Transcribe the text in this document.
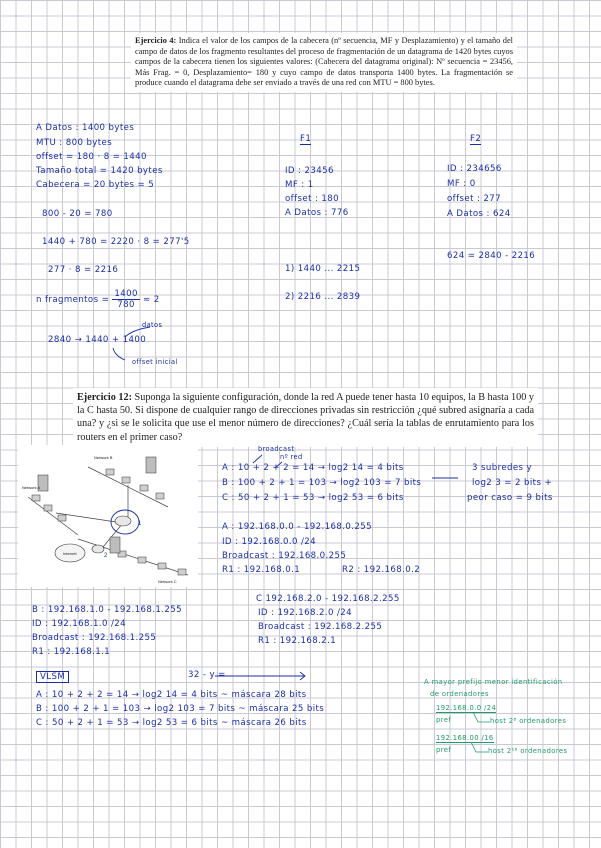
Ejercicio 4: Indica el valor de los campos de la cabecera (nº secuencia, MF y Desplazamiento) y el tamaño del campo de datos de los fragmento resultantes del proceso de fragmentación de un datagrama de 1420 bytes cuyos campos de la cabecera tienen los siguientes valores: (Cabecera del datagrama original): Nº secuencia = 23456, Más Frag. = 0, Desplazamiento= 180 y cuyo campo de datos transporta 1400 bytes. La fragmentación se produce cuando el datagrama debe ser enviado a través de una red con MTU = 800 bytes.
A Datos : 1400 bytes
MTU : 800 bytes
offset = 180 · 8 = 1440
Tamaño total = 1420 bytes
Cabecera = 20 bytes = 5
800 - 20 = 780
1440 + 780 = 2220 · 8 = 277'5
277 · 8 = 2216
n fragmentos = $\frac{1400}{780} \approx 2$
datos
2840 → 1440 + 1400
offset inicial
F1
ID : 23456
MF : 1
offset : 180
A Datos : 776
1) 1440 ... 2215
2) 2216 ... 2839
F2
ID : 234656
MF : 0
offset : 277
A Datos : 624
624 = 2840 - 2216
Ejercicio 12: Suponga la siguiente configuración, donde la red A puede tener hasta 10 equipos, la B hasta 100 y la C hasta 50. Si dispone de cualquier rango de direcciones privadas sin restricción ¿qué subred asignaría a cada una? y ¿si se le solicita que use el menor número de direcciones? ¿Cuál sería la tablas de enrutamiento para los routers en el primer caso?
Network B
Network A
Network C
1
2
Internet
broadcast
nº red
A : 10 + 2 + 2 = 14 → log2 14 = 4 bits
B : 100 + 2 + 1 = 103 → log2 103 = 7 bits
C : 50 + 2 + 1 = 53 → log2 53 = 6 bits
3 subredes y
log2 3 = 2 bits +
peor caso = 9 bits
A : 192.168.0.0 - 192.168.0.255
ID : 192.168.0.0 /24
Broadcast : 192.168.0.255
R1 : 192.168.0.1	R2 : 192.168.0.2
C 192.168.2.0 - 192.168.2.255
ID : 192.168.2.0 /24
Broadcast : 192.168.2.255
R1 : 192.168.2.1
B : 192.168.1.0 - 192.168.1.255
ID : 192.168.1.0 /24
Broadcast : 192.168.1.255
R1 : 192.168.1.1
VLSM	32 - y =
A : 10 + 2 + 2 = 14 → log2 14 = 4 bits ~ máscara 28 bits
B : 100 + 2 + 1 = 103 → log2 103 = 7 bits ~ máscara 25 bits
C : 50 + 2 + 1 = 53 → log2 53 = 6 bits ~ máscara 26 bits
A mayor prefijo menor identificación
de ordenadores
192.168.0.0 /24
pref	host 2⁸ ordenadores
192.168.00 /16
pref	host 2¹⁶ ordenadores
